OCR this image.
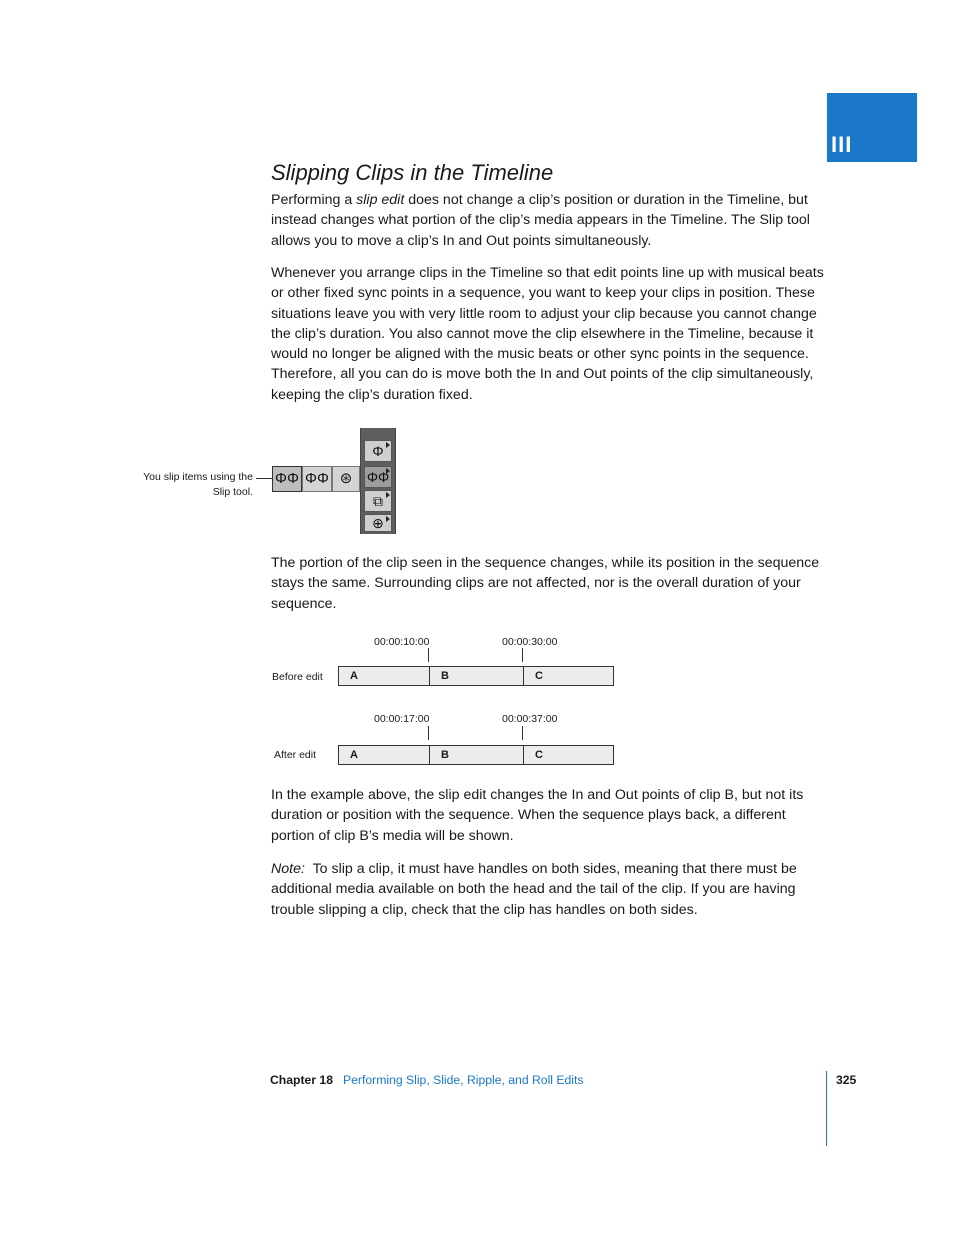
III
Slipping Clips in the Timeline

Performing a slip edit does not change a clip’s position or duration in the Timeline, but instead changes what portion of the clip’s media appears in the Timeline. The Slip tool allows you to move a clip’s In and Out points simultaneously.

Whenever you arrange clips in the Timeline so that edit points line up with musical beats or other fixed sync points in a sequence, you want to keep your clips in position. These situations leave you with very little room to adjust your clip because you cannot change the clip’s duration. You also cannot move the clip elsewhere in the Timeline, because it would no longer be aligned with the music beats or other sync points in the sequence. Therefore, all you can do is move both the In and Out points of the clip simultaneously, keeping the clip’s duration fixed.

You slip items using the Slip tool.
ΦΦ ΦΦ ⊛
Φ
ΦΦ
⧉
⊕

The portion of the clip seen in the sequence changes, while its position in the sequence stays the same. Surrounding clips are not affected, nor is the overall duration of your sequence.

00:00:10:00	00:00:30:00
Before edit	A	B	C
00:00:17:00	00:00:37:00
After edit	A	B	C

In the example above, the slip edit changes the In and Out points of clip B, but not its duration or position with the sequence. When the sequence plays back, a different portion of clip B’s media will be shown.

Note: To slip a clip, it must have handles on both sides, meaning that there must be additional media available on both the head and the tail of the clip. If you are having trouble slipping a clip, check that the clip has handles on both sides.

Chapter 18 Performing Slip, Slide, Ripple, and Roll Edits	325
